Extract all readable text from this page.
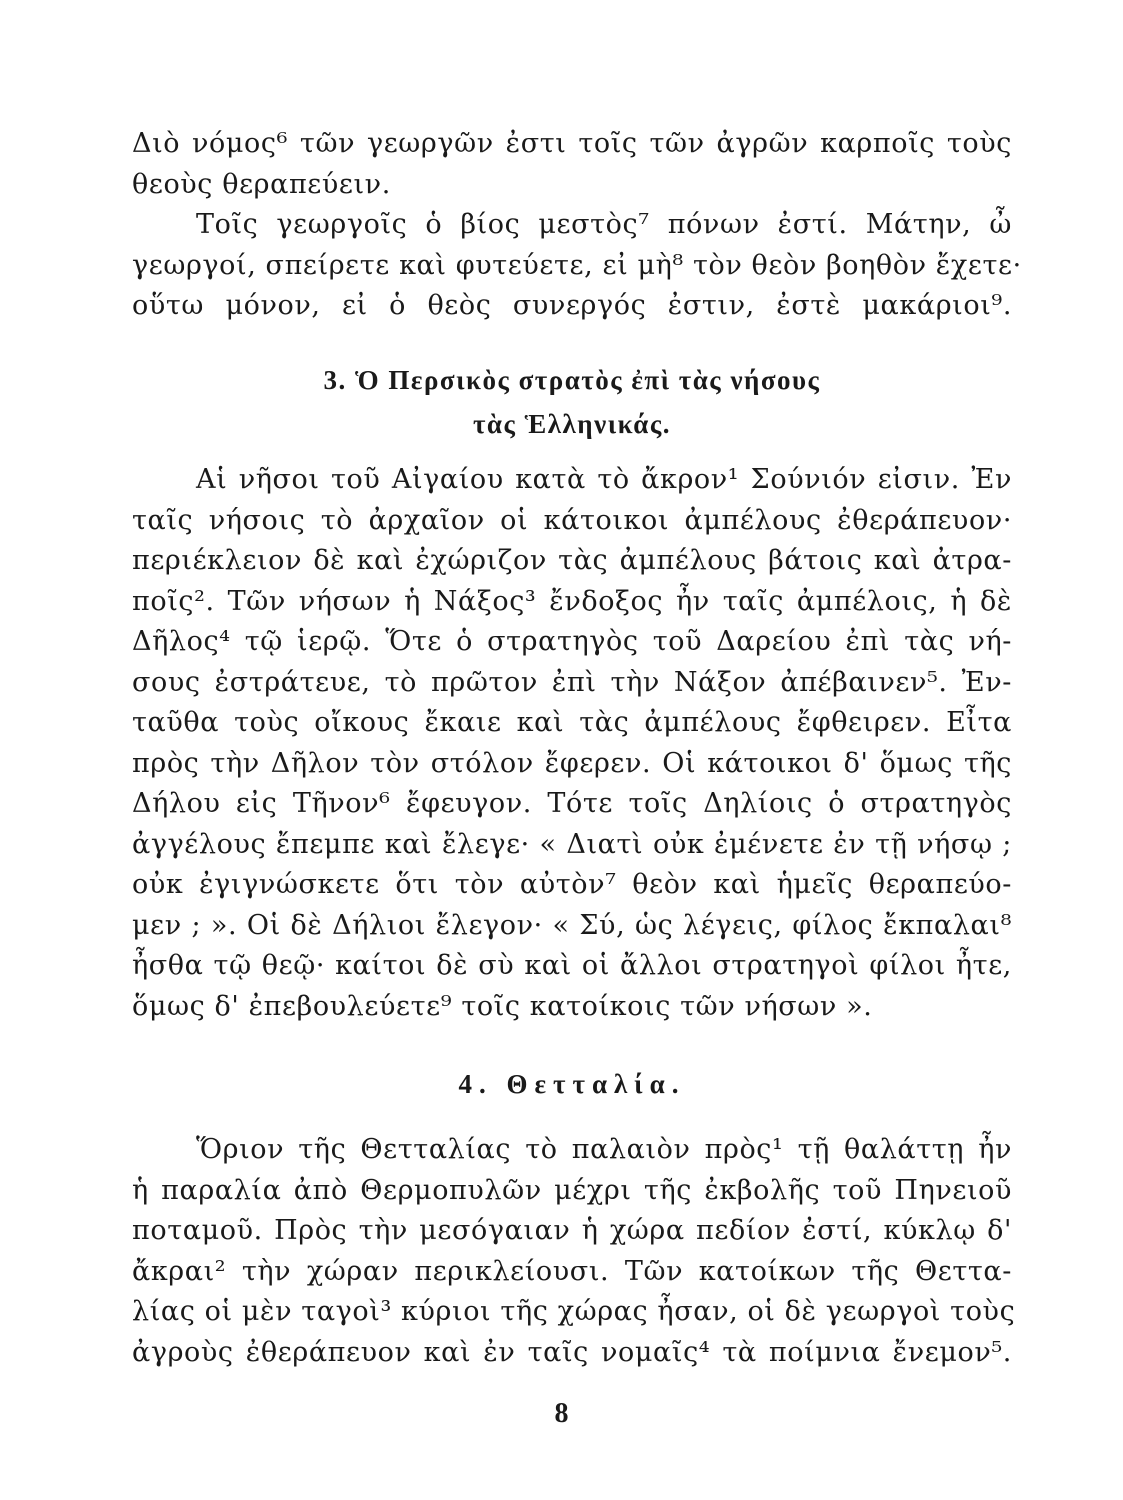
Διὸ νόμος⁶ τῶν γεωργῶν ἐστι τοῖς τῶν ἀγρῶν καρποῖς τοὺς
θεοὺς θεραπεύειν.
Τοῖς γεωργοῖς ὁ βίος μεστὸς⁷ πόνων ἐστί. Μάτην, ὦ
γεωργοί, σπείρετε καὶ φυτεύετε, εἰ μὴ⁸ τὸν θεὸν βοηθὸν ἔχετε·
οὕτω μόνον, εἰ ὁ θεὸς συνεργός ἐστιν, ἐστὲ μακάριοι⁹.
3. Ὁ Περσικὸς στρατὸς ἐπὶ τὰς νήσους
τὰς Ἑλληνικάς.
Αἱ νῆσοι τοῦ Αἰγαίου κατὰ τὸ ἄκρον¹ Σούνιόν εἰσιν. Ἐν
ταῖς νήσοις τὸ ἀρχαῖον οἱ κάτοικοι ἀμπέλους ἐθεράπευον·
περιέκλειον δὲ καὶ ἐχώριζον τὰς ἀμπέλους βάτοις καὶ ἀτρα-
ποῖς². Τῶν νήσων ἡ Νάξος³ ἔνδοξος ἦν ταῖς ἀμπέλοις, ἡ δὲ
Δῆλος⁴ τῷ ἱερῷ. Ὅτε ὁ στρατηγὸς τοῦ Δαρείου ἐπὶ τὰς νή-
σους ἐστράτευε, τὸ πρῶτον ἐπὶ τὴν Νάξον ἀπέβαινεν⁵. Ἐν-
ταῦθα τοὺς οἴκους ἔκαιε καὶ τὰς ἀμπέλους ἔφθειρεν. Εἶτα
πρὸς τὴν Δῆλον τὸν στόλον ἔφερεν. Οἱ κάτοικοι δ' ὅμως τῆς
Δήλου εἰς Τῆνον⁶ ἔφευγον. Τότε τοῖς Δηλίοις ὁ στρατηγὸς
ἀγγέλους ἔπεμπε καὶ ἔλεγε· « Διατὶ οὐκ ἐμένετε ἐν τῇ νήσῳ ;
οὐκ ἐγιγνώσκετε ὅτι τὸν αὐτὸν⁷ θεὸν καὶ ἡμεῖς θεραπεύο-
μεν ; ». Οἱ δὲ Δήλιοι ἔλεγον· « Σύ, ὡς λέγεις, φίλος ἔκπαλαι⁸
ἦσθα τῷ θεῷ· καίτοι δὲ σὺ καὶ οἱ ἄλλοι στρατηγοὶ φίλοι ἦτε,
ὅμως δ' ἐπεβουλεύετε⁹ τοῖς κατοίκοις τῶν νήσων ».
4. Θετταλία.
Ὅριον τῆς Θετταλίας τὸ παλαιὸν πρὸς¹ τῇ θαλάττῃ ἦν
ἡ παραλία ἀπὸ Θερμοπυλῶν μέχρι τῆς ἐκβολῆς τοῦ Πηνειοῦ
ποταμοῦ. Πρὸς τὴν μεσόγαιαν ἡ χώρα πεδίον ἐστί, κύκλῳ δ'
ἄκραι² τὴν χώραν περικλείουσι. Τῶν κατοίκων τῆς Θεττα-
λίας οἱ μὲν ταγοὶ³ κύριοι τῆς χώρας ἦσαν, οἱ δὲ γεωργοὶ τοὺς
ἀγροὺς ἐθεράπευον καὶ ἐν ταῖς νομαῖς⁴ τὰ ποίμνια ἔνεμον⁵.
8
